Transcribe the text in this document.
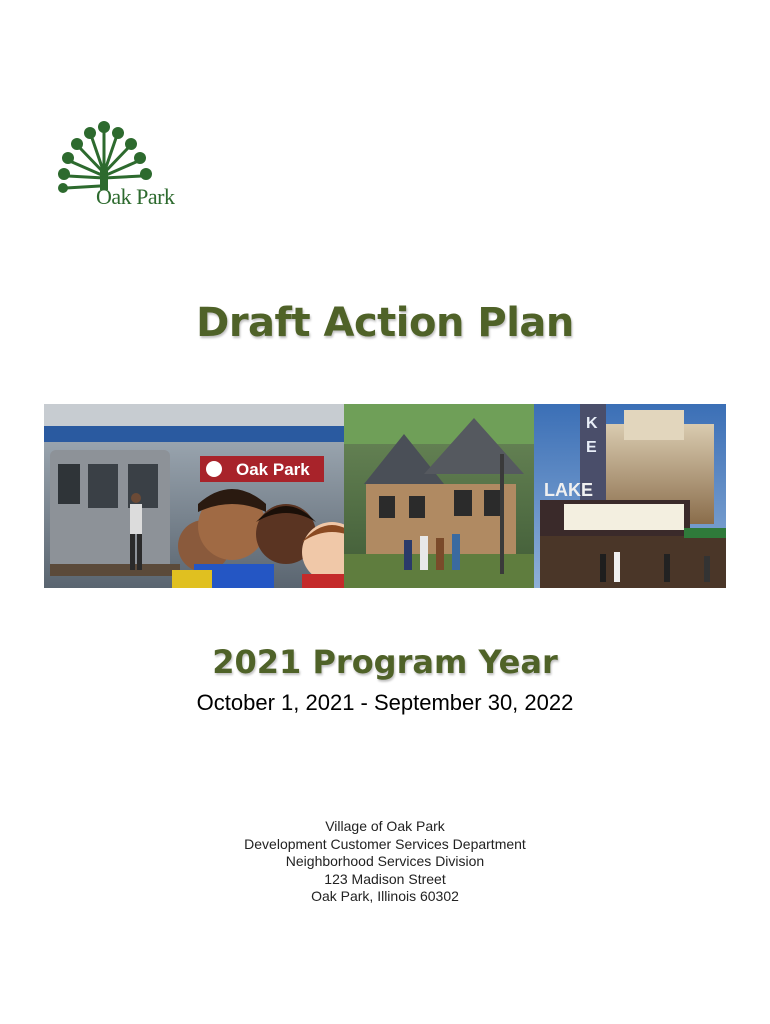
Oak Park
Draft Action Plan
Oak Park
K
E
LAKE
2021 Program Year
October 1, 2021 - September 30, 2022
Village of Oak Park
Development Customer Services Department
Neighborhood Services Division
123 Madison Street
Oak Park, Illinois 60302
